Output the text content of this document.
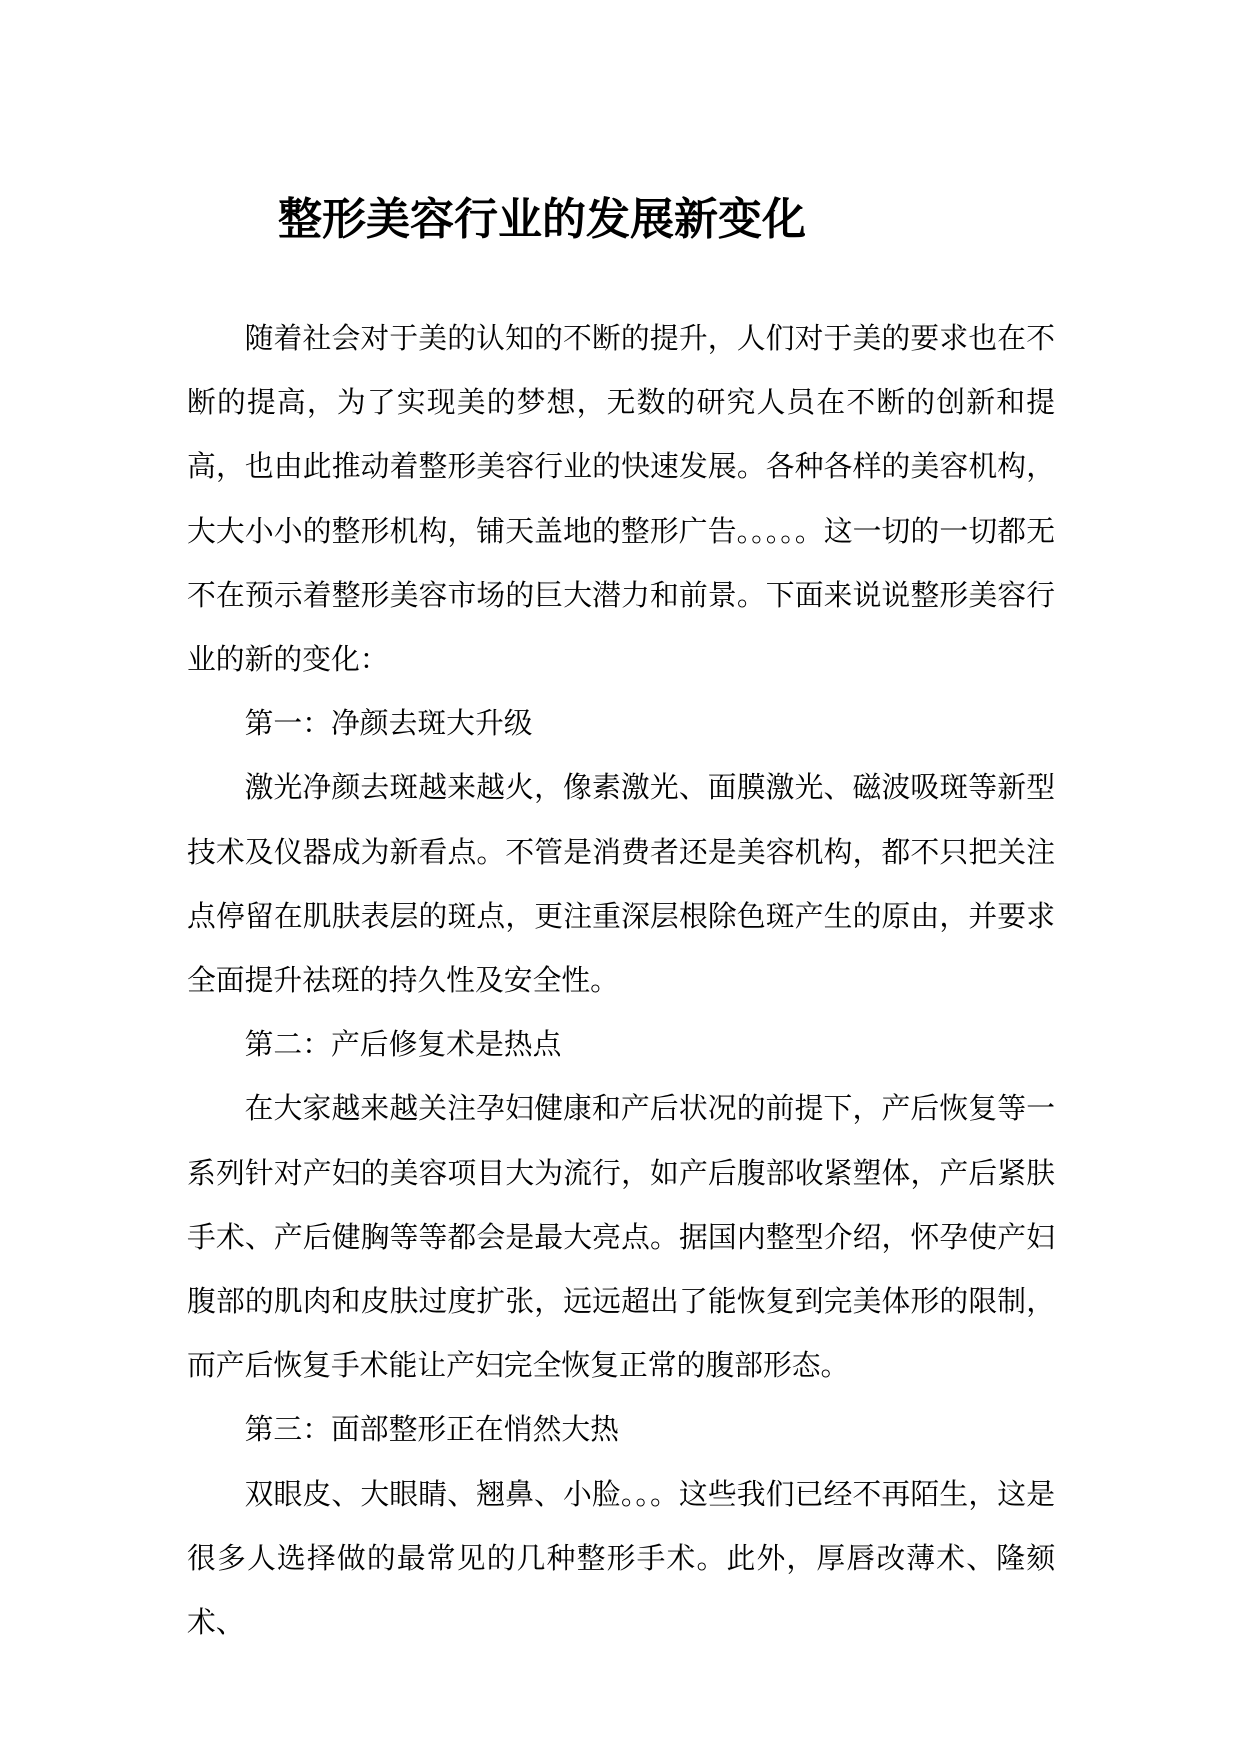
整形美容行业的发展新变化

随着社会对于美的认知的不断的提升，人们对于美的要求也在不断的提高，为了实现美的梦想，无数的研究人员在不断的创新和提高，也由此推动着整形美容行业的快速发展。各种各样的美容机构，大大小小的整形机构，铺天盖地的整形广告。。。。。这一切的一切都无不在预示着整形美容市场的巨大潜力和前景。下面来说说整形美容行业的新的变化：

第一：净颜去斑大升级

激光净颜去斑越来越火，像素激光、面膜激光、磁波吸斑等新型技术及仪器成为新看点。不管是消费者还是美容机构，都不只把关注点停留在肌肤表层的斑点，更注重深层根除色斑产生的原由，并要求全面提升祛斑的持久性及安全性。

第二：产后修复术是热点

在大家越来越关注孕妇健康和产后状况的前提下，产后恢复等一系列针对产妇的美容项目大为流行，如产后腹部收紧塑体，产后紧肤手术、产后健胸等等都会是最大亮点。据国内整型介绍，怀孕使产妇腹部的肌肉和皮肤过度扩张，远远超出了能恢复到完美体形的限制，而产后恢复手术能让产妇完全恢复正常的腹部形态。

第三：面部整形正在悄然大热

双眼皮、大眼睛、翘鼻、小脸。。。这些我们已经不再陌生，这是很多人选择做的最常见的几种整形手术。此外，厚唇改薄术、隆颏术、
